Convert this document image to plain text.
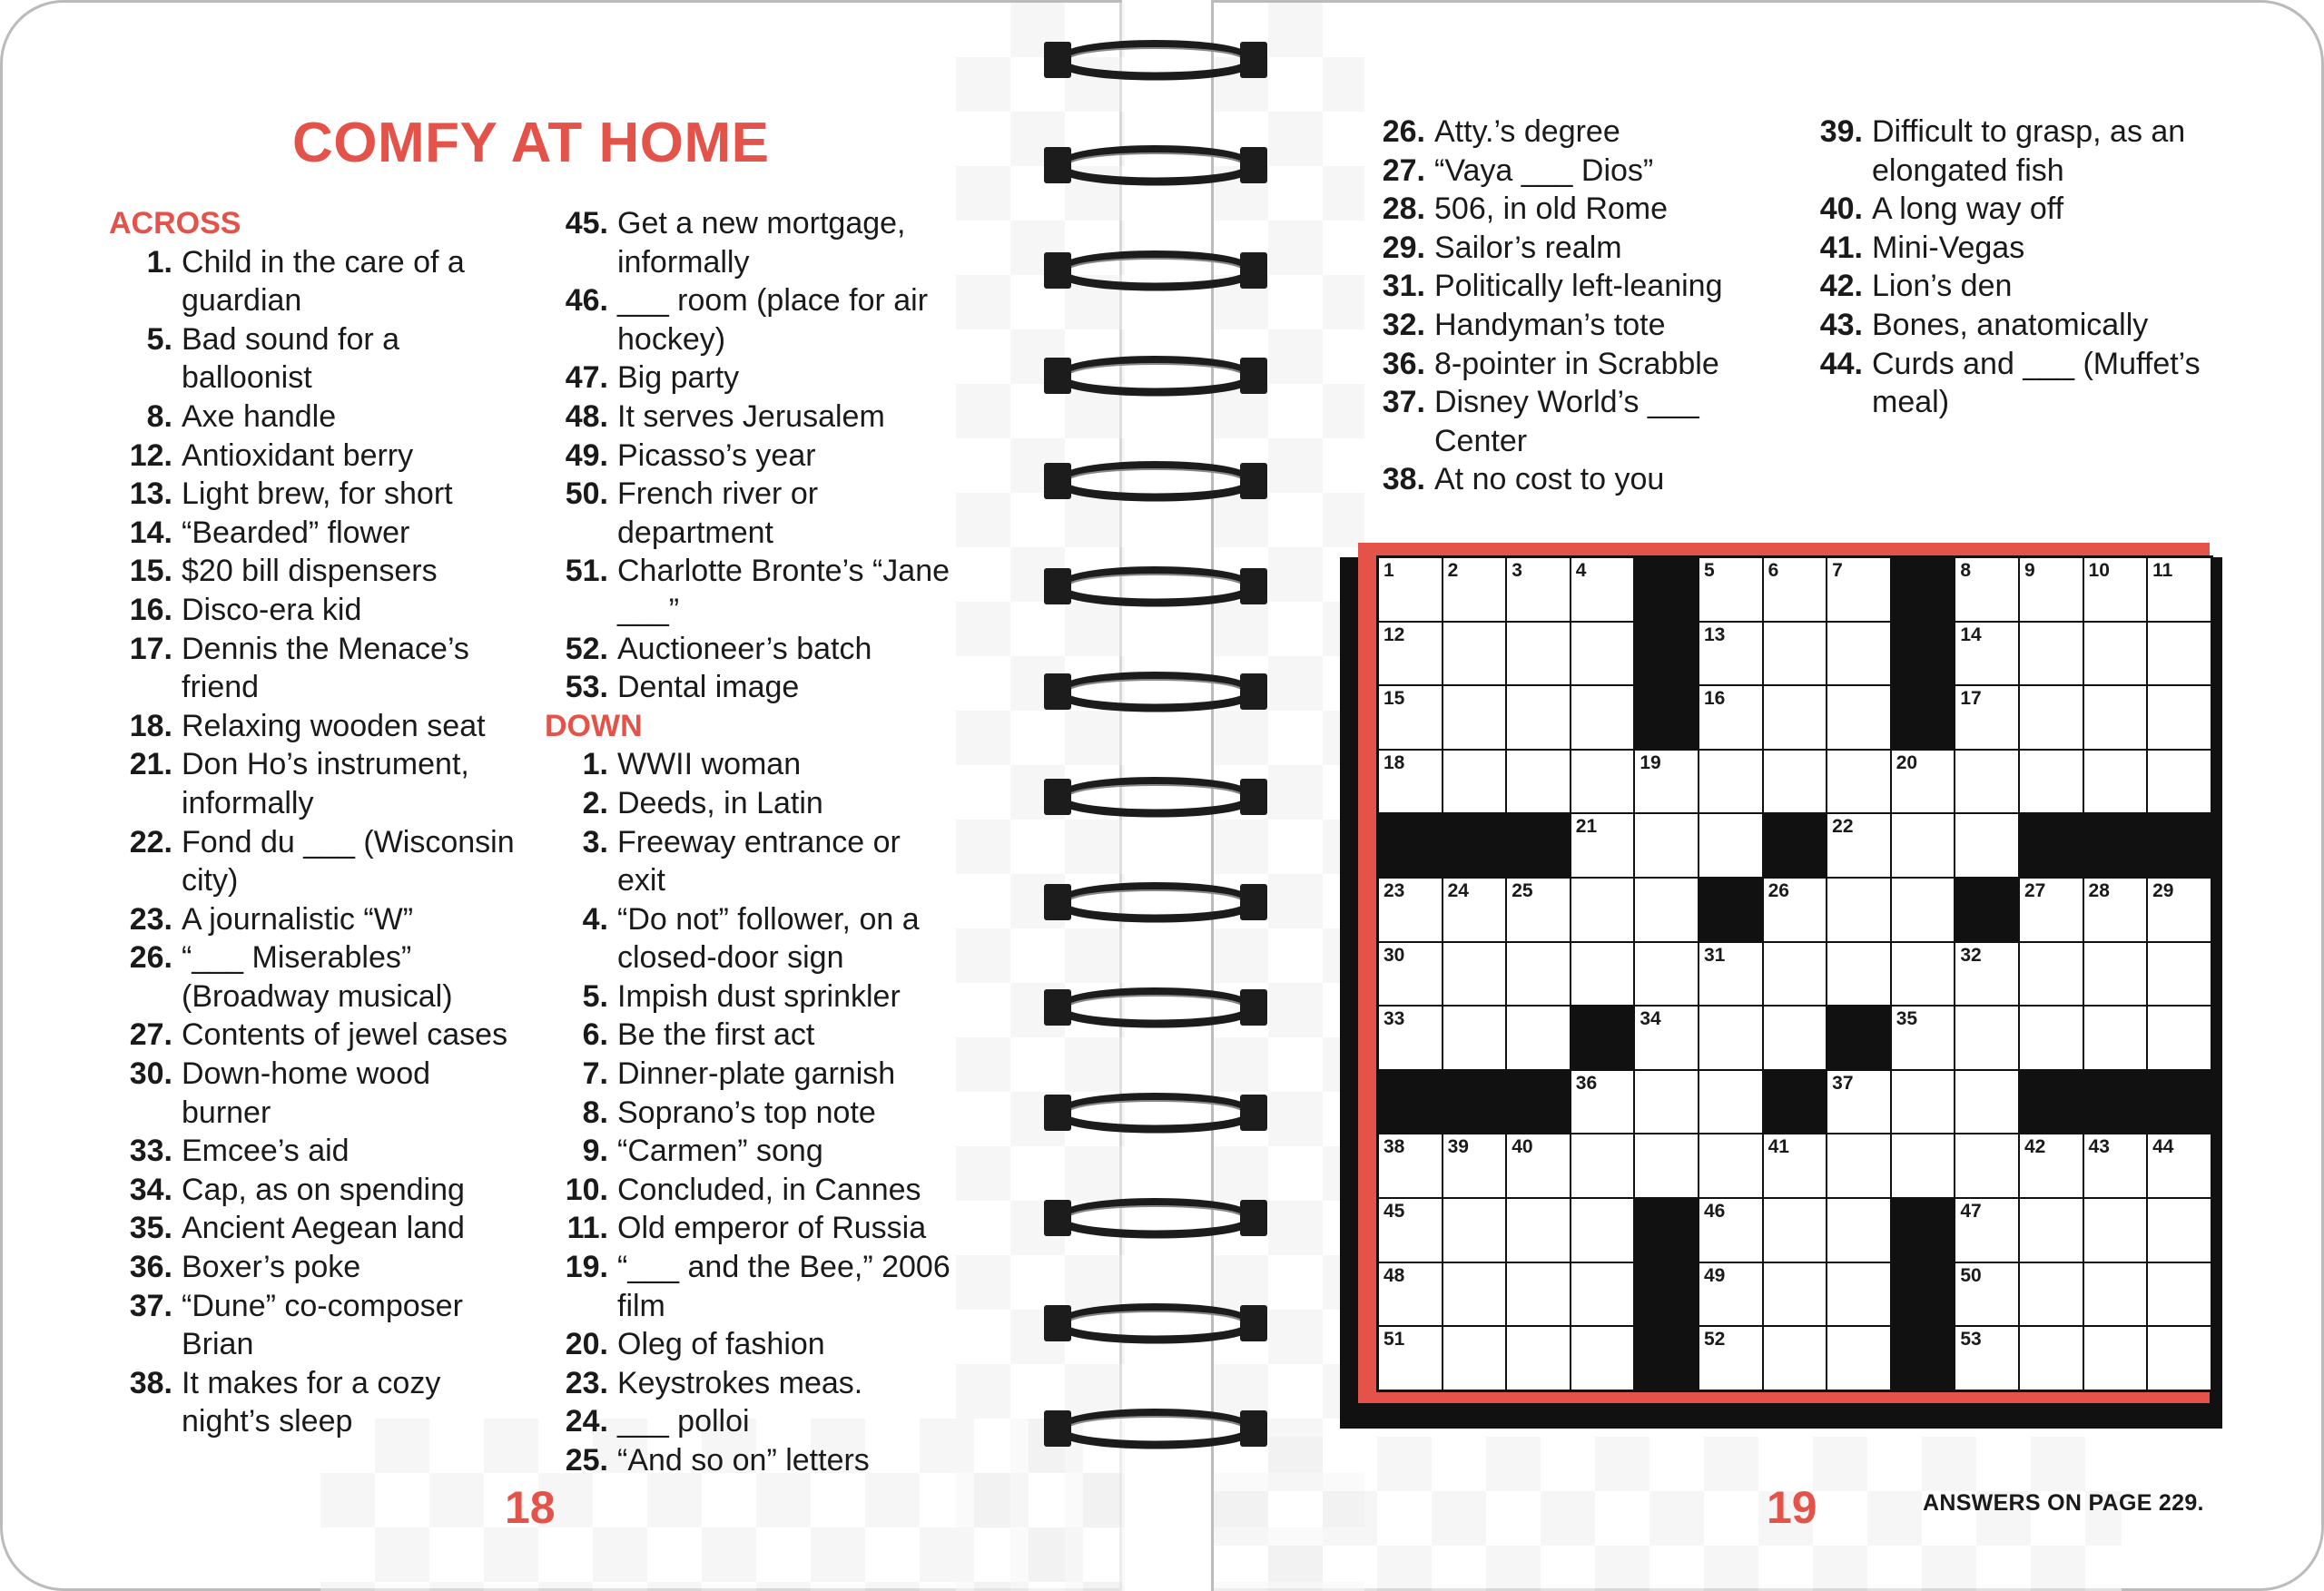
COMFY AT HOME
ACROSS
1. Child in the care of a guardian
5. Bad sound for a balloonist
8. Axe handle
12. Antioxidant berry
13. Light brew, for short
14. “Bearded” flower
15. $20 bill dispensers
16. Disco-era kid
17. Dennis the Menace’s friend
18. Relaxing wooden seat
21. Don Ho’s instrument, informally
22. Fond du ___ (Wisconsin city)
23. A journalistic “W”
26. “___ Miserables” (Broadway musical)
27. Contents of jewel cases
30. Down-home wood burner
33. Emcee’s aid
34. Cap, as on spending
35. Ancient Aegean land
36. Boxer’s poke
37. “Dune” co-composer Brian
38. It makes for a cozy night’s sleep
45. Get a new mortgage, informally
46. ___ room (place for air hockey)
47. Big party
48. It serves Jerusalem
49. Picasso’s year
50. French river or department
51. Charlotte Bronte’s “Jane ___”
52. Auctioneer’s batch
53. Dental image
DOWN
1. WWII woman
2. Deeds, in Latin
3. Freeway entrance or exit
4. “Do not” follower, on a closed-door sign
5. Impish dust sprinkler
6. Be the first act
7. Dinner-plate garnish
8. Soprano’s top note
9. “Carmen” song
10. Concluded, in Cannes
11. Old emperor of Russia
19. “___ and the Bee,” 2006 film
20. Oleg of fashion
23. Keystrokes meas.
24. ___ polloi
25. “And so on” letters
26. Atty.’s degree
27. “Vaya ___ Dios”
28. 506, in old Rome
29. Sailor’s realm
31. Politically left-leaning
32. Handyman’s tote
36. 8-pointer in Scrabble
37. Disney World’s ___ Center
38. At no cost to you
39. Difficult to grasp, as an elongated fish
40. A long way off
41. Mini-Vegas
42. Lion’s den
43. Bones, anatomically
44. Curds and ___ (Muffet’s meal)
1	2	3	4	5	6	7	8	9	10 11
12	13	14
15	16	17
18	19	20
21	22
23 24 25	26	27 28 29
30	31	32
33	34	35
36	37
38 39 40	41	42 43 44
45	46	47
48	49	50
51	52	53
18	19	ANSWERS ON PAGE 229.
